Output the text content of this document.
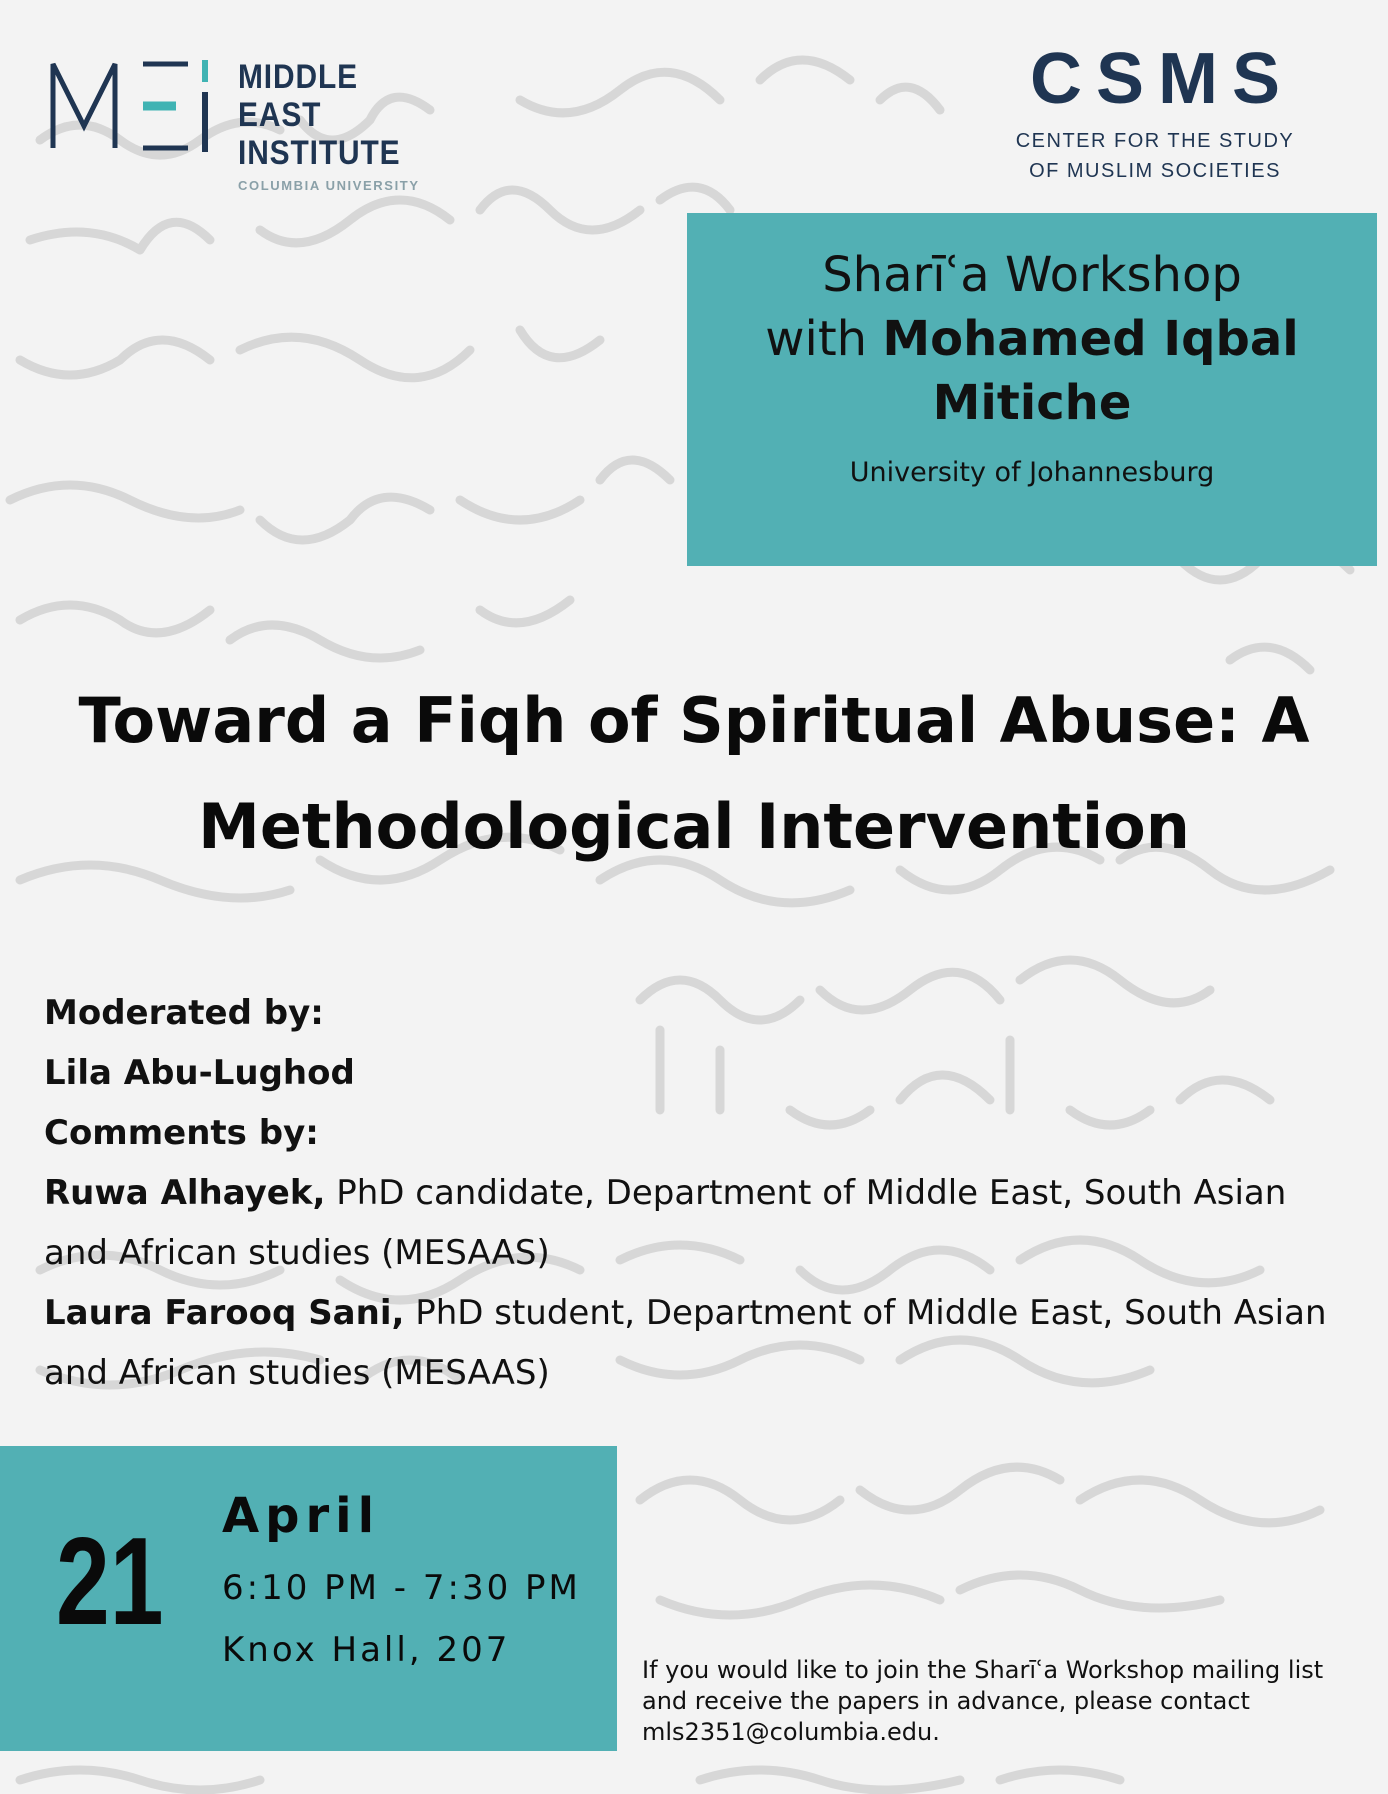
MIDDLE EAST
INSTITUTE
COLUMBIA UNIVERSITY
CSMS
CENTER FOR THE STUDY
OF MUSLIM SOCIETIES
Sharīʿa Workshop
with Mohamed Iqbal Mitiche
University of Johannesburg
Toward a Fiqh of Spiritual Abuse: A
Methodological Intervention
Moderated by:
Lila Abu-Lughod
Comments by:
Ruwa Alhayek, PhD candidate, Department of Middle East, South Asian
and African studies (MESAAS)
Laura Farooq Sani, PhD student, Department of Middle East, South Asian
and African studies (MESAAS)
21 April
6:10 PM - 7:30 PM
Knox Hall, 207	If you would like to join the Sharīʿa Workshop mailing list
and receive the papers in advance, please contact
mls2351@columbia.edu.
